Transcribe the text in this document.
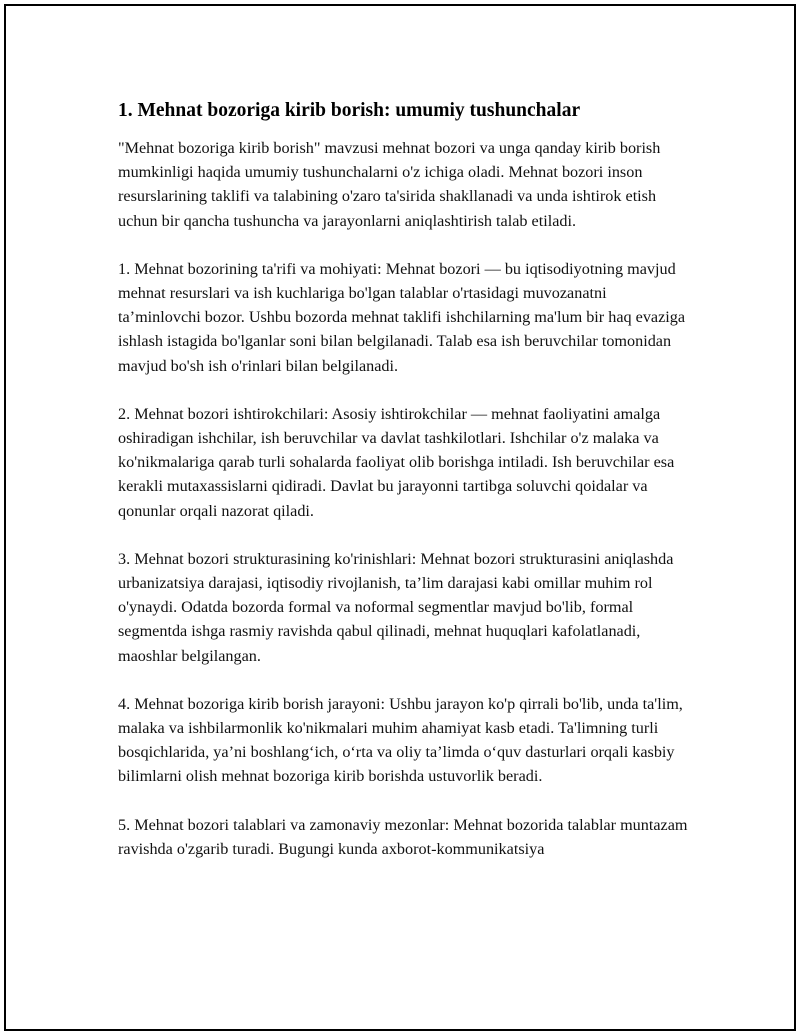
1. Mehnat bozoriga kirib borish: umumiy tushunchalar

"Mehnat bozoriga kirib borish" mavzusi mehnat bozori va unga qanday kirib borish mumkinligi haqida umumiy tushunchalarni o'z ichiga oladi. Mehnat bozori inson resurslarining taklifi va talabining o'zaro ta'sirida shakllanadi va unda ishtirok etish uchun bir qancha tushuncha va jarayonlarni aniqlashtirish talab etiladi.

1. Mehnat bozorining ta'rifi va mohiyati: Mehnat bozori — bu iqtisodiyotning mavjud mehnat resurslari va ish kuchlariga bo'lgan talablar o'rtasidagi muvozanatni ta’minlovchi bozor. Ushbu bozorda mehnat taklifi ishchilarning ma'lum bir haq evaziga ishlash istagida bo'lganlar soni bilan belgilanadi. Talab esa ish beruvchilar tomonidan mavjud bo'sh ish o'rinlari bilan belgilanadi.

2. Mehnat bozori ishtirokchilari: Asosiy ishtirokchilar — mehnat faoliyatini amalga oshiradigan ishchilar, ish beruvchilar va davlat tashkilotlari. Ishchilar o'z malaka va ko'nikmalariga qarab turli sohalarda faoliyat olib borishga intiladi. Ish beruvchilar esa kerakli mutaxassislarni qidiradi. Davlat bu jarayonni tartibga soluvchi qoidalar va qonunlar orqali nazorat qiladi.

3. Mehnat bozori strukturasining ko'rinishlari: Mehnat bozori strukturasini aniqlashda urbanizatsiya darajasi, iqtisodiy rivojlanish, ta’lim darajasi kabi omillar muhim rol o'ynaydi. Odatda bozorda formal va noformal segmentlar mavjud bo'lib, formal segmentda ishga rasmiy ravishda qabul qilinadi, mehnat huquqlari kafolatlanadi, maoshlar belgilangan.

4. Mehnat bozoriga kirib borish jarayoni: Ushbu jarayon ko'p qirrali bo'lib, unda ta'lim, malaka va ishbilarmonlik ko'nikmalari muhim ahamiyat kasb etadi. Ta'limning turli bosqichlarida, ya’ni boshlang‘ich, o‘rta va oliy ta’limda o‘quv dasturlari orqali kasbiy bilimlarni olish mehnat bozoriga kirib borishda ustuvorlik beradi.

5. Mehnat bozori talablari va zamonaviy mezonlar: Mehnat bozorida talablar muntazam ravishda o'zgarib turadi. Bugungi kunda axborot-kommunikatsiya
